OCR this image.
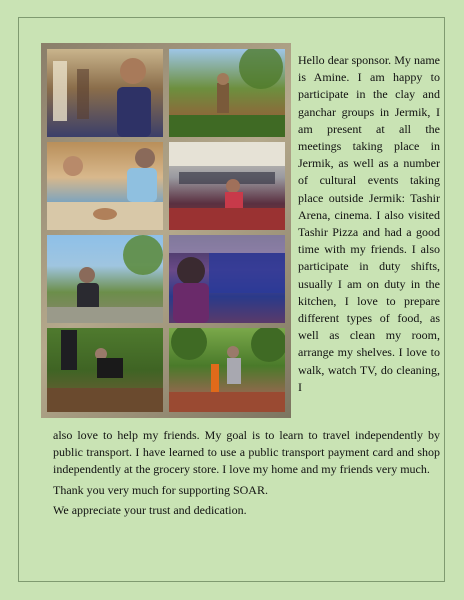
Hello dear sponsor. My name is Amine. I am happy to participate in the clay and ganchar groups in Jermik, I am present at all the meetings taking place in Jermik, as well as a number of cultural events taking place outside Jermik: Tashir Arena, cinema. I also visited Tashir Pizza and had a good time with my friends. I also participate in duty shifts, usually I am on duty in the kitchen, I love to prepare different types of food, as well as clean my room, arrange my shelves. I love to walk, watch TV, do cleaning, I

also love to help my friends. My goal is to learn to travel independently by public transport. I have learned to use a public transport payment card and shop independently at the grocery store. I love my home and my friends very much.

Thank you very much for supporting SOAR.

We appreciate your trust and dedication.
